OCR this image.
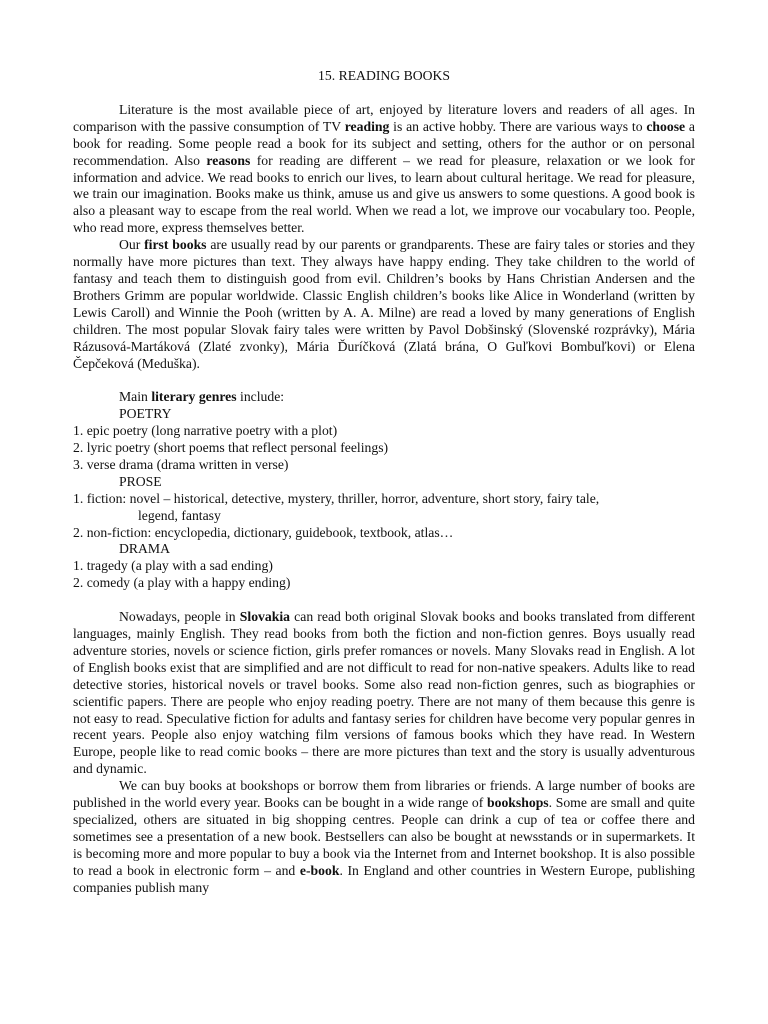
15. READING BOOKS

Literature is the most available piece of art, enjoyed by literature lovers and readers of all ages. In comparison with the passive consumption of TV reading is an active hobby. There are various ways to choose a book for reading. Some people read a book for its subject and setting, others for the author or on personal recommendation. Also reasons for reading are different – we read for pleasure, relaxation or we look for information and advice. We read books to enrich our lives, to learn about cultural heritage. We read for pleasure, we train our imagination. Books make us think, amuse us and give us answers to some questions. A good book is also a pleasant way to escape from the real world. When we read a lot, we improve our vocabulary too. People, who read more, express themselves better.

Our first books are usually read by our parents or grandparents. These are fairy tales or stories and they normally have more pictures than text. They always have happy ending. They take children to the world of fantasy and teach them to distinguish good from evil. Children’s books by Hans Christian Andersen and the Brothers Grimm are popular worldwide. Classic English children’s books like Alice in Wonderland (written by Lewis Caroll) and Winnie the Pooh (written by A. A. Milne) are read a loved by many generations of English children. The most popular Slovak fairy tales were written by Pavol Dobšinský (Slovenské rozprávky), Mária Rázusová-Martáková (Zlaté zvonky), Mária Ďuríčková (Zlatá brána, O Guľkovi Bombuľkovi) or Elena Čepčeková (Meduška).

Main literary genres include:
POETRY
1. epic poetry (long narrative poetry with a plot)
2. lyric poetry (short poems that reflect personal feelings)
3. verse drama (drama written in verse)
PROSE
1. fiction: novel – historical, detective, mystery, thriller, horror, adventure, short story, fairy tale,
legend, fantasy
2. non-fiction: encyclopedia, dictionary, guidebook, textbook, atlas…
DRAMA
1. tragedy (a play with a sad ending)
2. comedy (a play with a happy ending)

Nowadays, people in Slovakia can read both original Slovak books and books translated from different languages, mainly English. They read books from both the fiction and non-fiction genres. Boys usually read adventure stories, novels or science fiction, girls prefer romances or novels. Many Slovaks read in English. A lot of English books exist that are simplified and are not difficult to read for non-native speakers. Adults like to read detective stories, historical novels or travel books. Some also read non-fiction genres, such as biographies or scientific papers. There are people who enjoy reading poetry. There are not many of them because this genre is not easy to read. Speculative fiction for adults and fantasy series for children have become very popular genres in recent years. People also enjoy watching film versions of famous books which they have read. In Western Europe, people like to read comic books – there are more pictures than text and the story is usually adventurous and dynamic.

We can buy books at bookshops or borrow them from libraries or friends. A large number of books are published in the world every year. Books can be bought in a wide range of bookshops. Some are small and quite specialized, others are situated in big shopping centres. People can drink a cup of tea or coffee there and sometimes see a presentation of a new book. Bestsellers can also be bought at newsstands or in supermarkets. It is becoming more and more popular to buy a book via the Internet from and Internet bookshop. It is also possible to read a book in electronic form – and e-book. In England and other countries in Western Europe, publishing companies publish many
